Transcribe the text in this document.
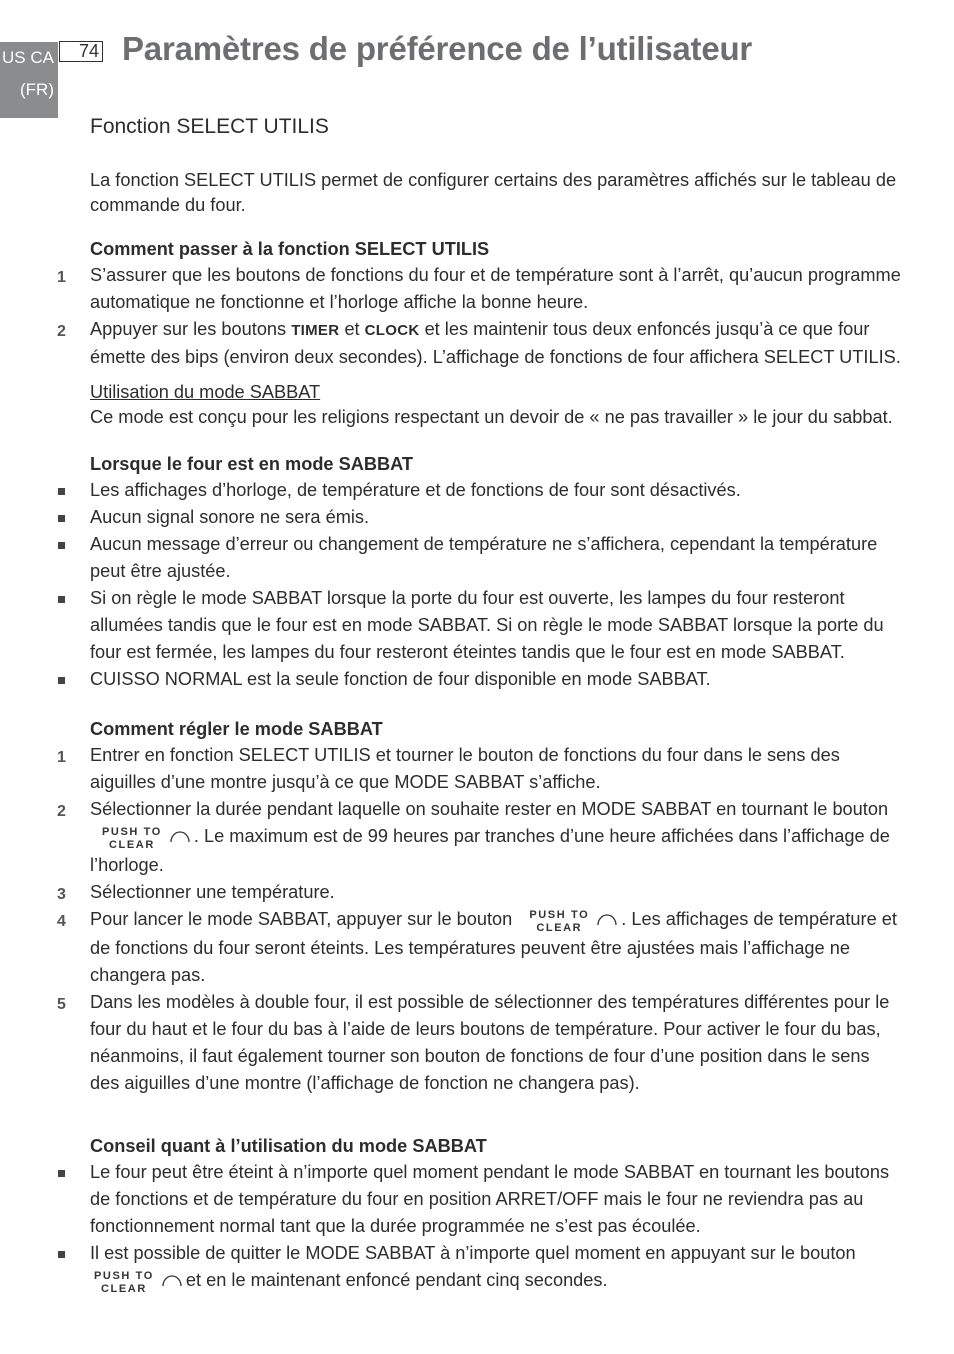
US CA
(FR)
74 Paramètres de préférence de l’utilisateur
Fonction SELECT UTILIS

La fonction SELECT UTILIS permet de configurer certains des paramètres affichés sur le tableau de commande du four.

Comment passer à la fonction SELECT UTILIS

1 S’assurer que les boutons de fonctions du four et de température sont à l’arrêt, qu’aucun programme automatique ne fonctionne et l’horloge affiche la bonne heure.
2 Appuyer sur les boutons TIMER et CLOCK et les maintenir tous deux enfoncés jusqu’à ce que four émette des bips (environ deux secondes). L’affichage de fonctions de four affichera SELECT UTILIS.

Utilisation du mode SABBAT

Ce mode est conçu pour les religions respectant un devoir de « ne pas travailler » le jour du sabbat.

Lorsque le four est en mode SABBAT

Les affichages d’horloge, de température et de fonctions de four sont désactivés.
Aucun signal sonore ne sera émis.
Aucun message d’erreur ou changement de température ne s’affichera, cependant la température peut être ajustée.
Si on règle le mode SABBAT lorsque la porte du four est ouverte, les lampes du four resteront allumées tandis que le four est en mode SABBAT. Si on règle le mode SABBAT lorsque la porte du four est fermée, les lampes du four resteront éteintes tandis que le four est en mode SABBAT.
CUISSO NORMAL est la seule fonction de four disponible en mode SABBAT.

Comment régler le mode SABBAT

1 Entrer en fonction SELECT UTILIS et tourner le bouton de fonctions du four dans le sens des aiguilles d’une montre jusqu’à ce que MODE SABBAT s’affiche.
2 Sélectionner la durée pendant laquelle on souhaite rester en MODE SABBAT en tournant le bouton PUSH TO
CLEAR . Le maximum est de 99 heures par tranches d’une heure affichées dans l’affichage de l’horloge.
3 Sélectionner une température.
4 Pour lancer le mode SABBAT, appuyer sur le bouton PUSH TO
CLEAR . Les affichages de température et de fonctions du four seront éteints. Les températures peuvent être ajustées mais l’affichage ne changera pas.
5 Dans les modèles à double four, il est possible de sélectionner des températures différentes pour le four du haut et le four du bas à l’aide de leurs boutons de température. Pour activer le four du bas, néanmoins, il faut également tourner son bouton de fonctions de four d’une position dans le sens des aiguilles d’une montre (l’affichage de fonction ne changera pas).

Conseil quant à l’utilisation du mode SABBAT

Le four peut être éteint à n’importe quel moment pendant le mode SABBAT en tournant les boutons de fonctions et de température du four en position ARRET/OFF mais le four ne reviendra pas au fonctionnement normal tant que la durée programmée ne s’est pas écoulée.
Il est possible de quitter le MODE SABBAT à n’importe quel moment en appuyant sur le bouton
PUSH TO
CLEAR et en le maintenant enfoncé pendant cinq secondes.
